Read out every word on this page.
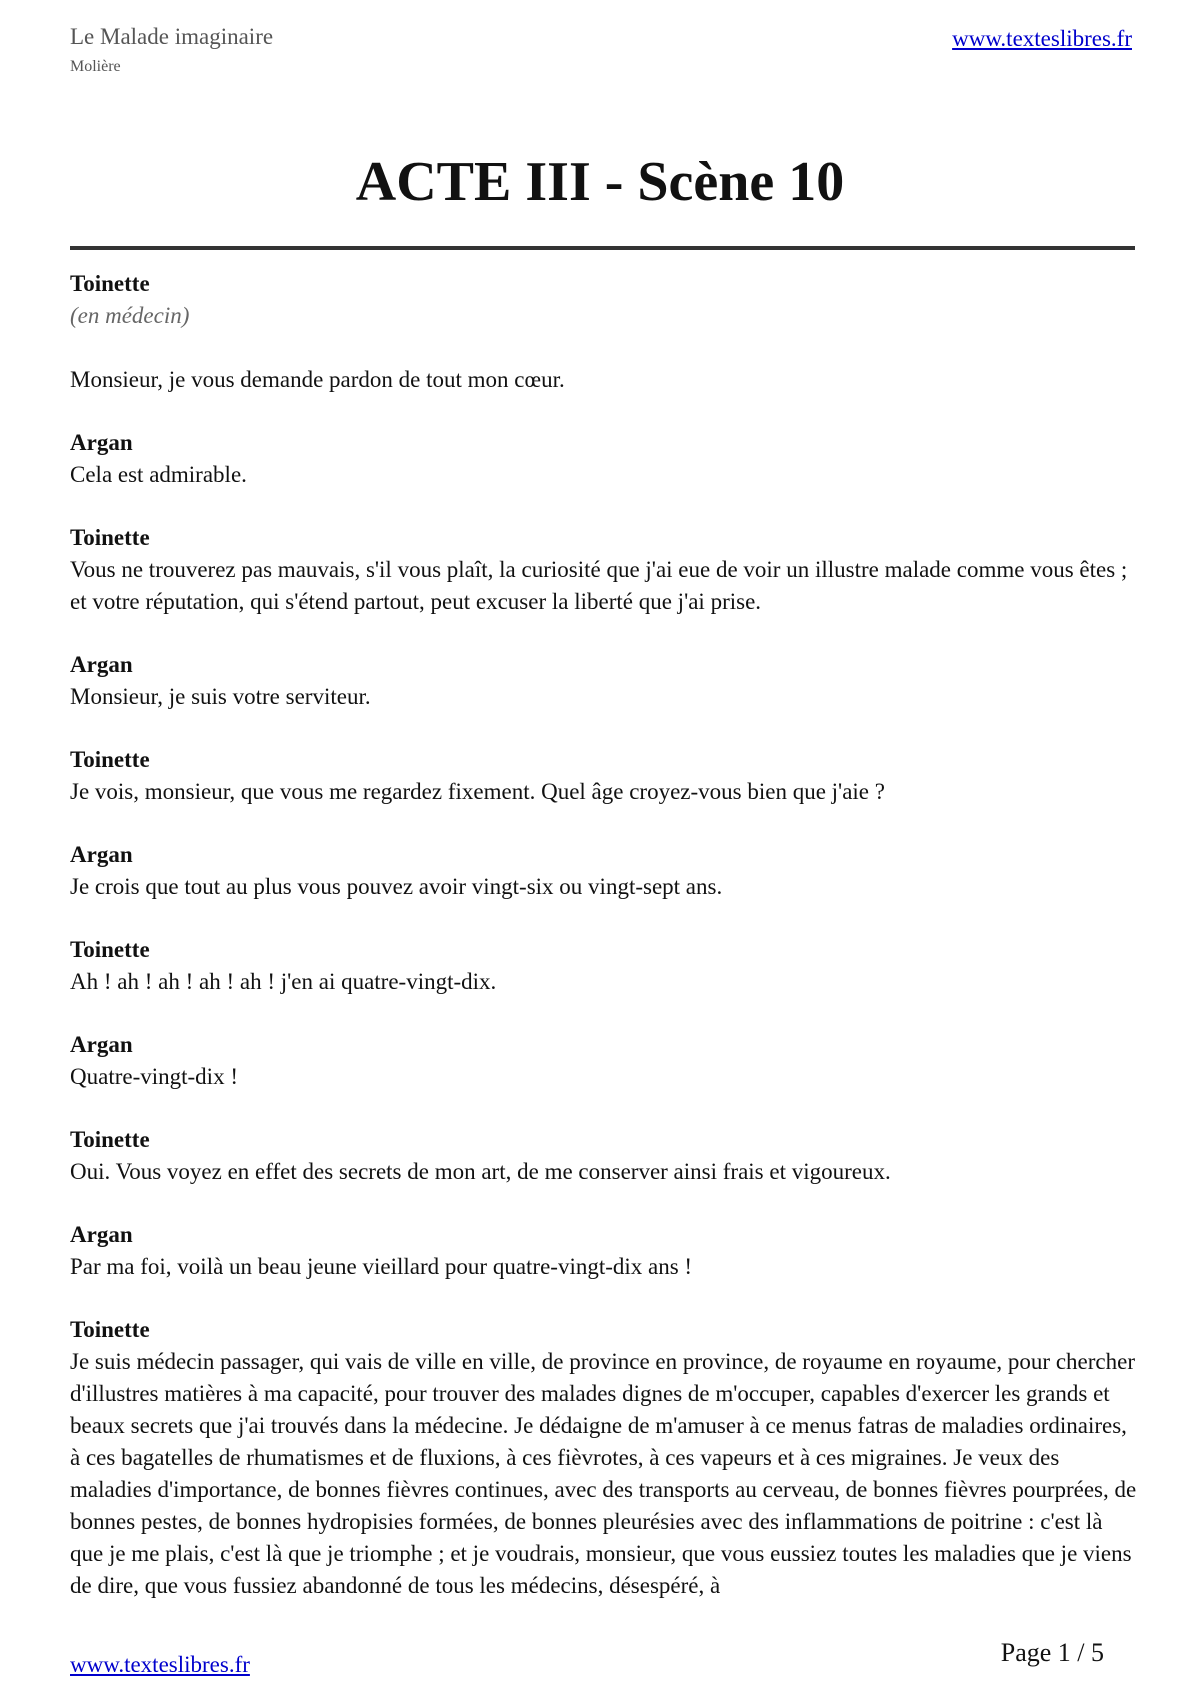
Le Malade imaginaire
Molière
www.texteslibres.fr
ACTE III - Scène 10
Toinette
(en médecin)

Monsieur, je vous demande pardon de tout mon cœur.

Argan

Cela est admirable.

Toinette

Vous ne trouverez pas mauvais, s'il vous plaît, la curiosité que j'ai eue de voir un illustre malade comme vous êtes ; et votre réputation, qui s'étend partout, peut excuser la liberté que j'ai prise.

Argan

Monsieur, je suis votre serviteur.

Toinette

Je vois, monsieur, que vous me regardez fixement. Quel âge croyez-vous bien que j'aie ?

Argan

Je crois que tout au plus vous pouvez avoir vingt-six ou vingt-sept ans.

Toinette

Ah ! ah ! ah ! ah ! ah ! j'en ai quatre-vingt-dix.

Argan

Quatre-vingt-dix !

Toinette

Oui. Vous voyez en effet des secrets de mon art, de me conserver ainsi frais et vigoureux.

Argan

Par ma foi, voilà un beau jeune vieillard pour quatre-vingt-dix ans !

Toinette

Je suis médecin passager, qui vais de ville en ville, de province en province, de royaume en royaume, pour chercher d'illustres matières à ma capacité, pour trouver des malades dignes de m'occuper, capables d'exercer les grands et beaux secrets que j'ai trouvés dans la médecine. Je dédaigne de m'amuser à ce menus fatras de maladies ordinaires, à ces bagatelles de rhumatismes et de fluxions, à ces fièvrotes, à ces vapeurs et à ces migraines. Je veux des maladies d'importance, de bonnes fièvres continues, avec des transports au cerveau, de bonnes fièvres pourprées, de bonnes pestes, de bonnes hydropisies formées, de bonnes pleurésies avec des inflammations de poitrine : c'est là que je me plais, c'est là que je triomphe ; et je voudrais, monsieur, que vous eussiez toutes les maladies que je viens de dire, que vous fussiez abandonné de tous les médecins, désespéré, à

www.texteslibres.fr	Page 1 / 5
